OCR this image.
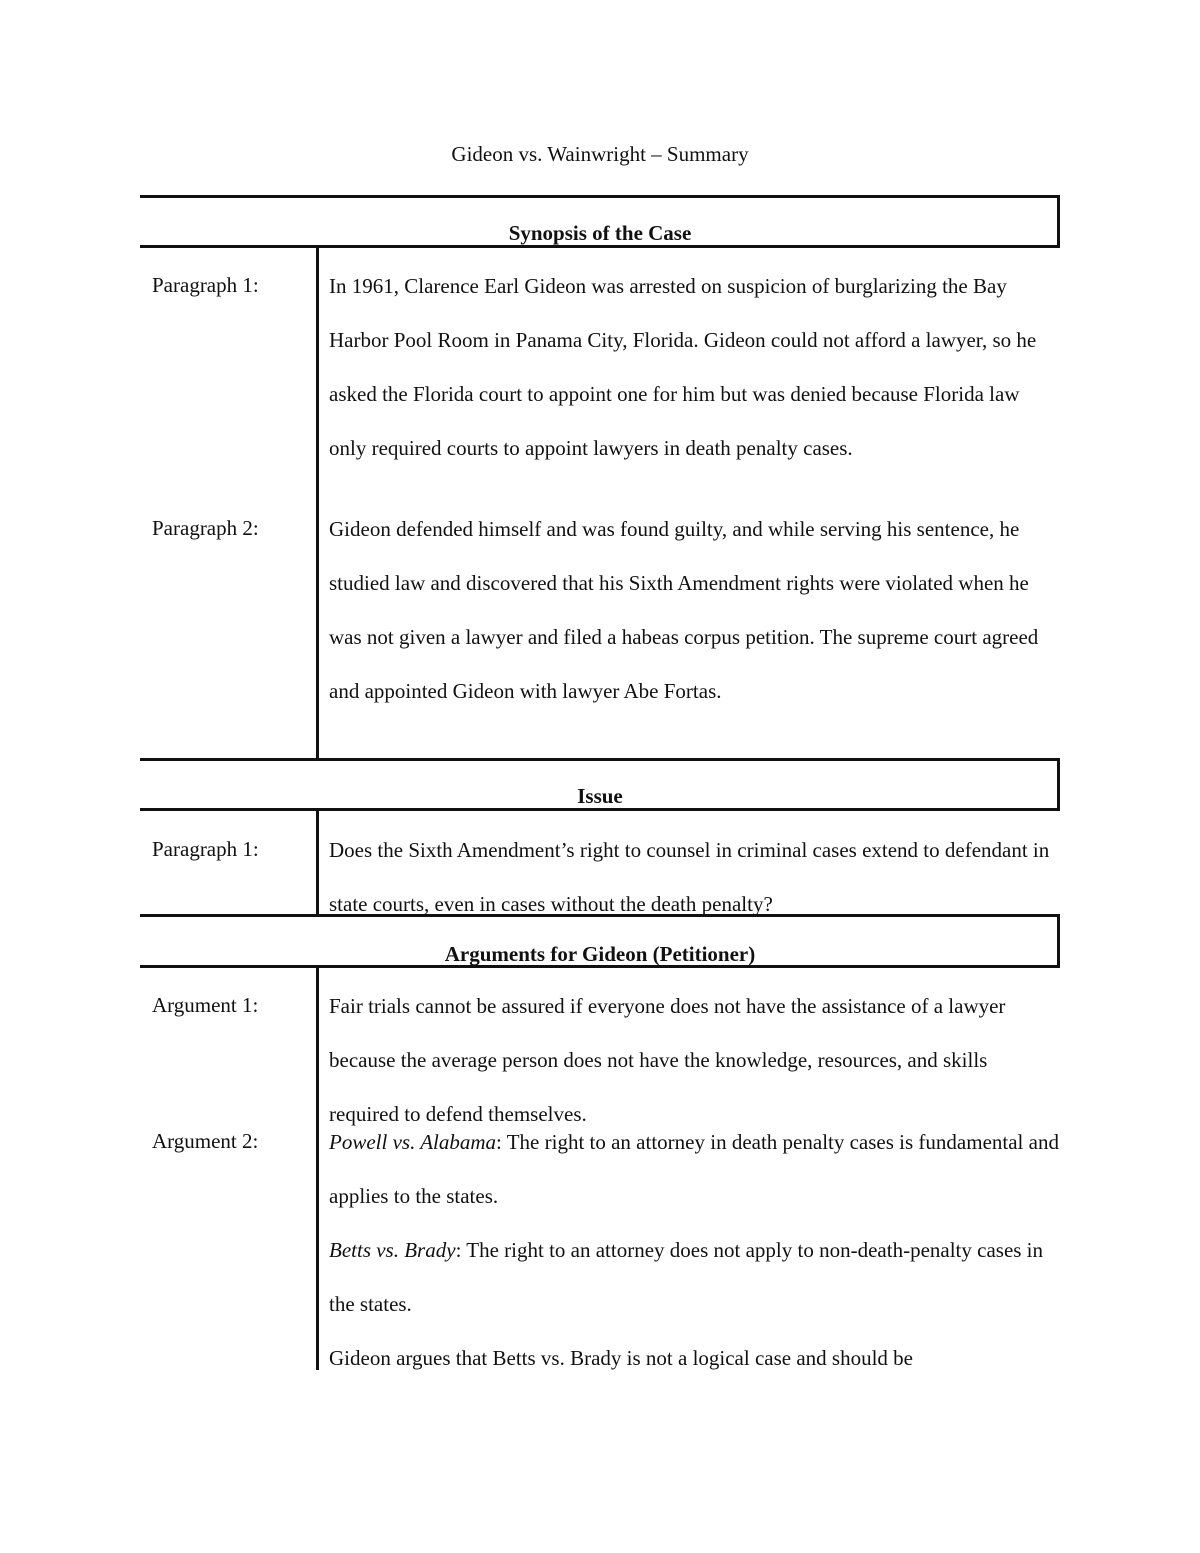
Gideon vs. Wainwright – Summary
Synopsis of the Case
Paragraph 1:	In 1961, Clarence Earl Gideon was arrested on suspicion of burglarizing the Bay Harbor Pool Room in Panama City, Florida. Gideon could not afford a lawyer, so he asked the Florida court to appoint one for him but was denied because Florida law only required courts to appoint lawyers in death penalty cases.
Paragraph 2:	Gideon defended himself and was found guilty, and while serving his sentence, he studied law and discovered that his Sixth Amendment rights were violated when he was not given a lawyer and filed a habeas corpus petition. The supreme court agreed and appointed Gideon with lawyer Abe Fortas.
Issue
Paragraph 1:	Does the Sixth Amendment’s right to counsel in criminal cases extend to defendant in state courts, even in cases without the death penalty?
Arguments for Gideon (Petitioner)
Argument 1:	Fair trials cannot be assured if everyone does not have the assistance of a lawyer because the average person does not have the knowledge, resources, and skills required to defend themselves.
Argument 2:	Powell vs. Alabama: The right to an attorney in death penalty cases is fundamental and applies to the states.

Betts vs. Brady: The right to an attorney does not apply to non-death-penalty cases in the states.

Gideon argues that Betts vs. Brady is not a logical case and should be
